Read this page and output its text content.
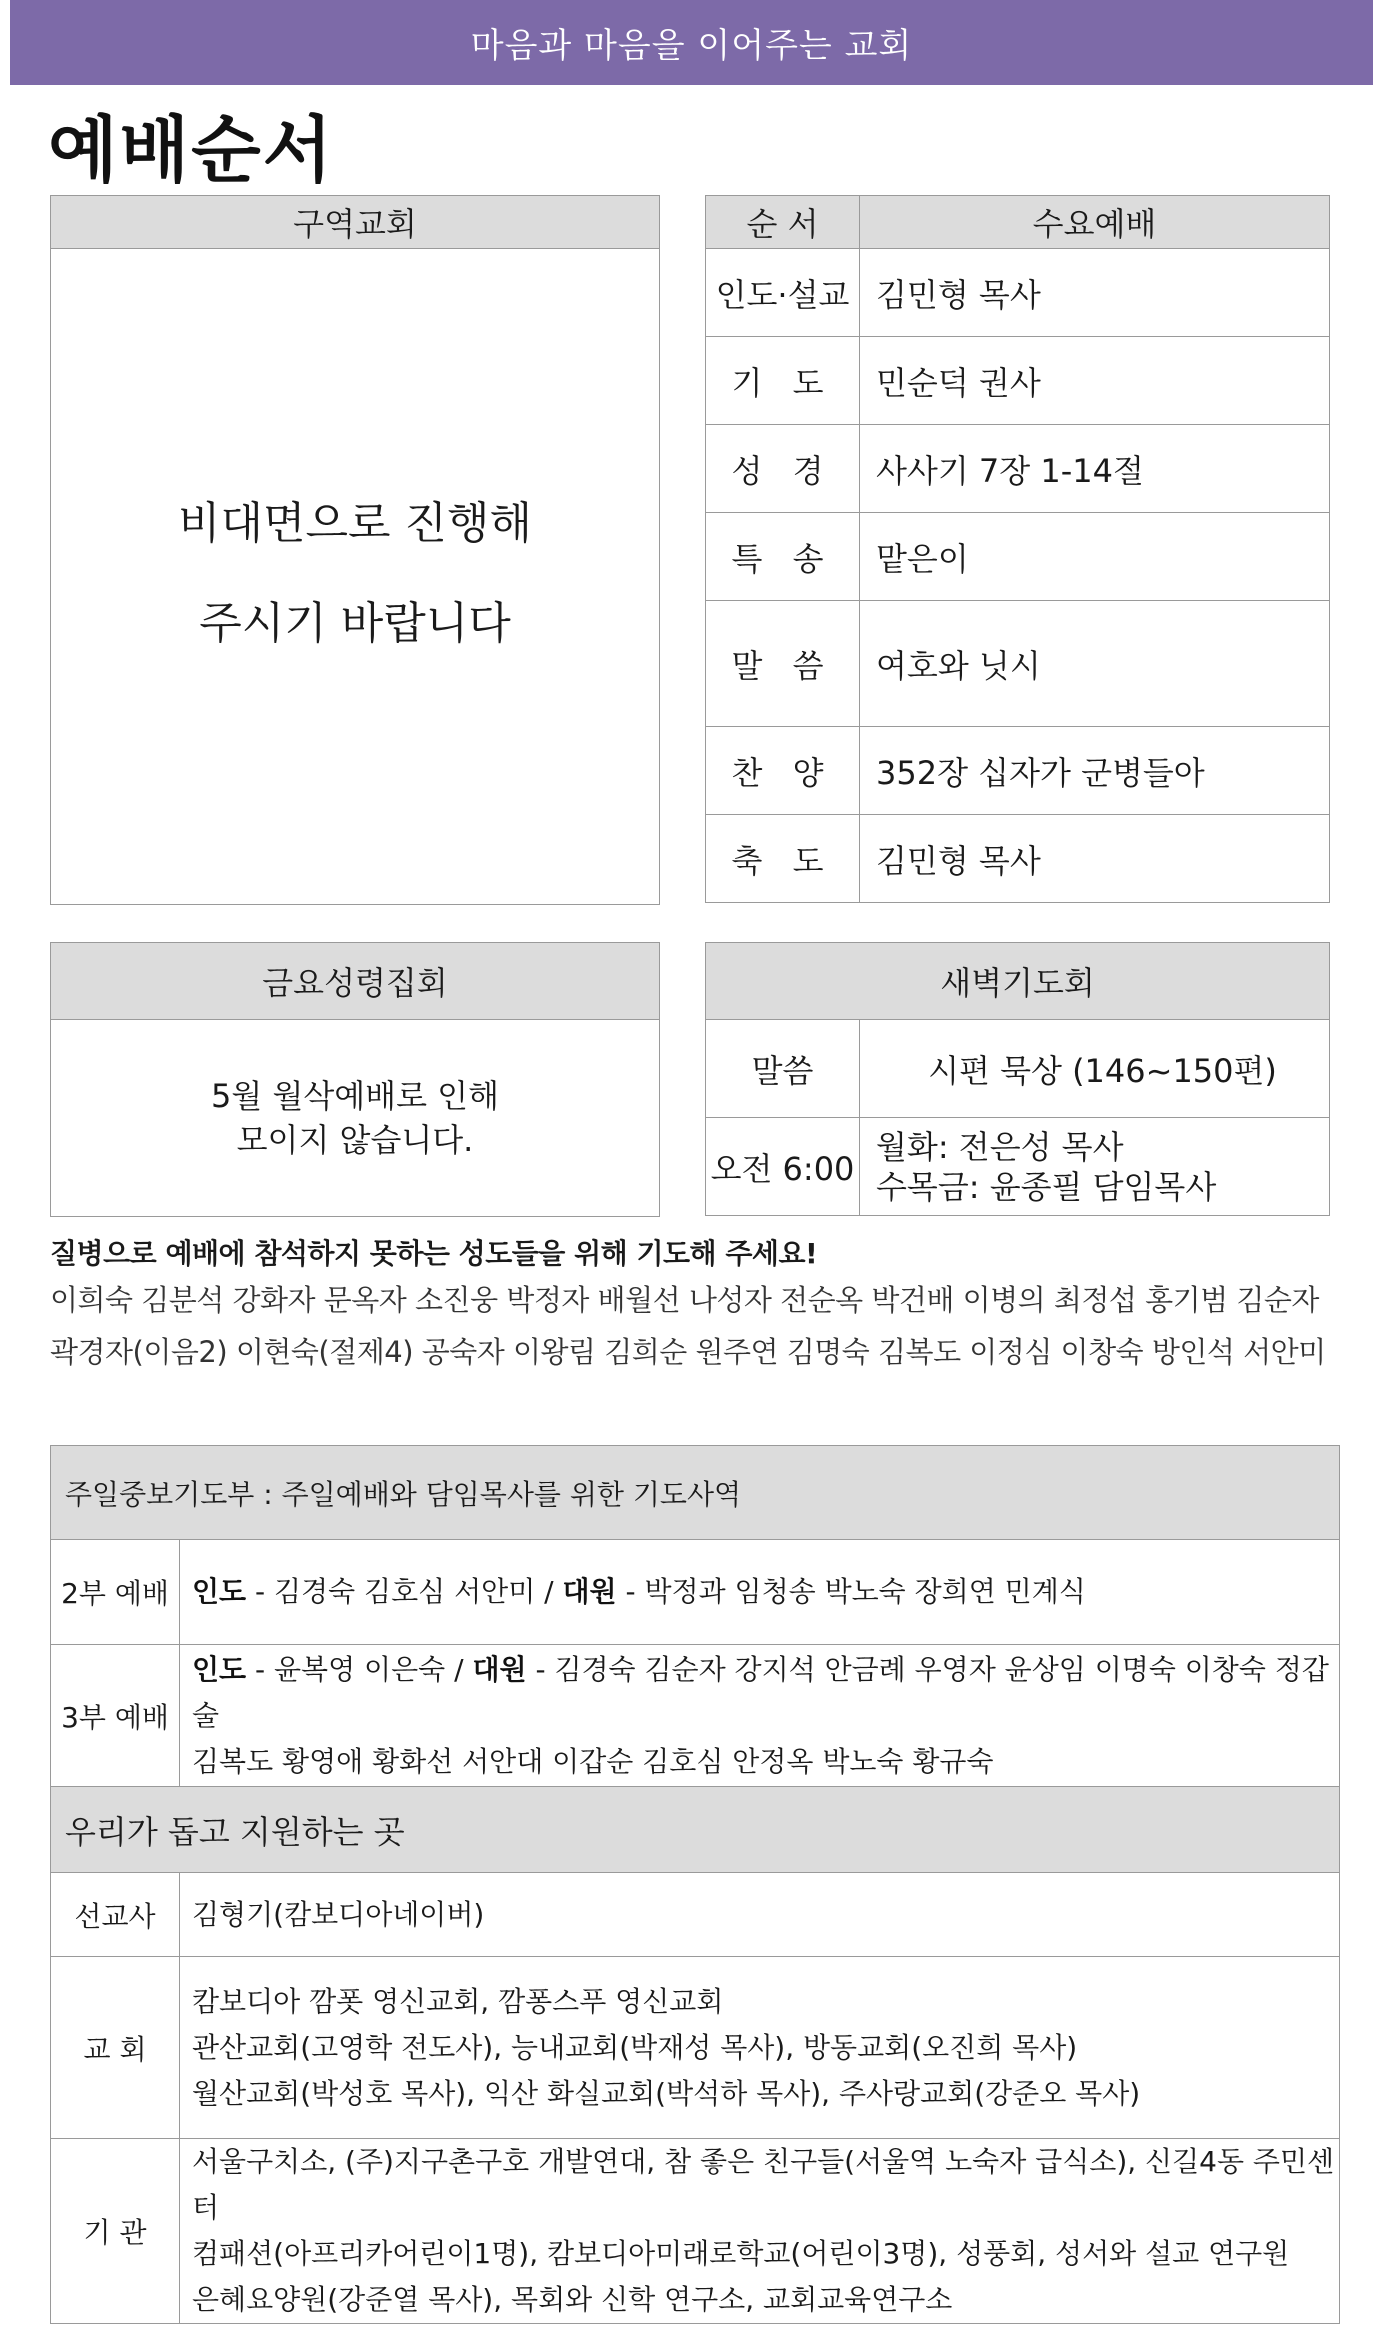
마음과 마음을 이어주는 교회
예배순서
구역교회
비대면으로 진행해
주시기 바랍니다
순 서	수요예배
인도·설교	김민형 목사
기 도	민순덕 권사
성 경	사사기 7장 1-14절
특 송	맡은이
말 씀	여호와 닛시
찬 양	352장 십자가 군병들아
축 도	김민형 목사
금요성령집회
5월 월삭예배로 인해
모이지 않습니다.
새벽기도회	
말씀	시편 묵상 (146~150편)
오전 6:00	월화: 전은성 목사
수목금: 윤종필 담임목사
질병으로 예배에 참석하지 못하는 성도들을 위해 기도해 주세요!
이희숙 김분석 강화자 문옥자 소진웅 박정자 배월선 나성자 전순옥 박건배 이병의 최정섭 홍기범 김순자
곽경자(이음2) 이현숙(절제4) 공숙자 이왕림 김희순 원주연 김명숙 김복도 이정심 이창숙 방인석 서안미
주일중보기도부 : 주일예배와 담임목사를 위한 기도사역	
2부 예배	인도 - 김경숙 김호심 서안미 / 대원 - 박정과 임청송 박노숙 장희연 민계식
3부 예배	인도 - 윤복영 이은숙 / 대원 - 김경숙 김순자 강지석 안금례 우영자 윤상임 이명숙 이창숙 정갑술
김복도 황영애 황화선 서안대 이갑순 김호심 안정옥 박노숙 황규숙

우리가 돕고 지원하는 곳	
선교사	김형기(캄보디아네이버)
교 회	캄보디아 깜폿 영신교회, 깜퐁스푸 영신교회
관산교회(고영학 전도사), 능내교회(박재성 목사), 방동교회(오진희 목사)
월산교회(박성호 목사), 익산 화실교회(박석하 목사), 주사랑교회(강준오 목사)

기 관	서울구치소, (주)지구촌구호 개발연대, 참 좋은 친구들(서울역 노숙자 급식소), 신길4동 주민센터
컴패션(아프리카어린이1명), 캄보디아미래로학교(어린이3명), 성풍회, 성서와 설교 연구원
은혜요양원(강준열 목사), 목회와 신학 연구소, 교회교육연구소
